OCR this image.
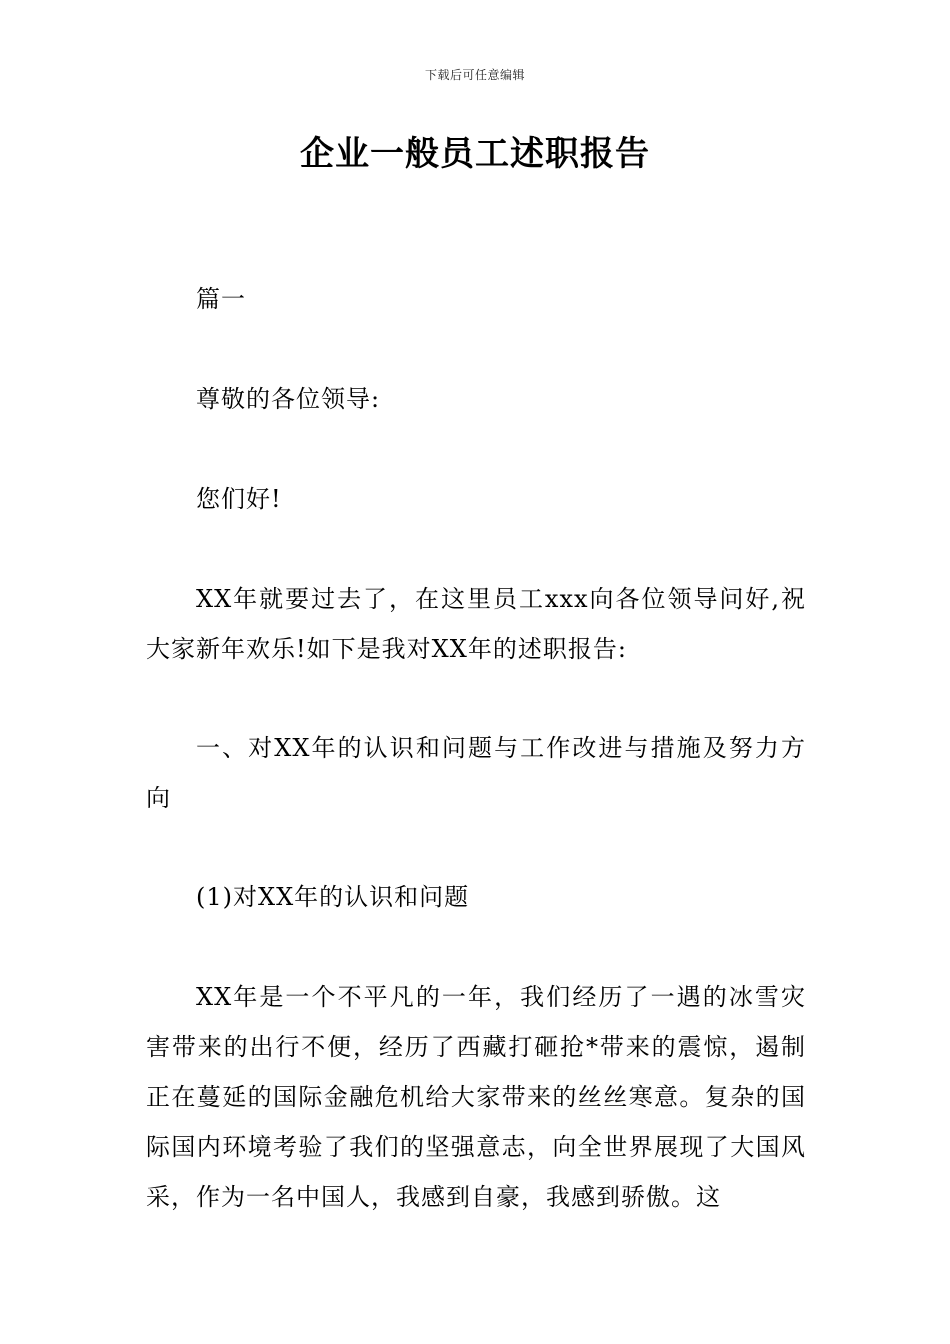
下载后可任意编辑
企业一般员工述职报告
篇一
尊敬的各位领导:
您们好!
XX年就要过去了，在这里员工xxx向各位领导问好,祝大家新年欢乐!如下是我对XX年的述职报告:
一、对XX年的认识和问题与工作改进与措施及努力方向
(1)对XX年的认识和问题
XX年是一个不平凡的一年，我们经历了一遇的冰雪灾害带来的出行不便，经历了西藏打砸抢*带来的震惊，遏制正在蔓延的国际金融危机给大家带来的丝丝寒意。复杂的国际国内环境考验了我们的坚强意志，向全世界展现了大国风采，作为一名中国人，我感到自豪，我感到骄傲。这
